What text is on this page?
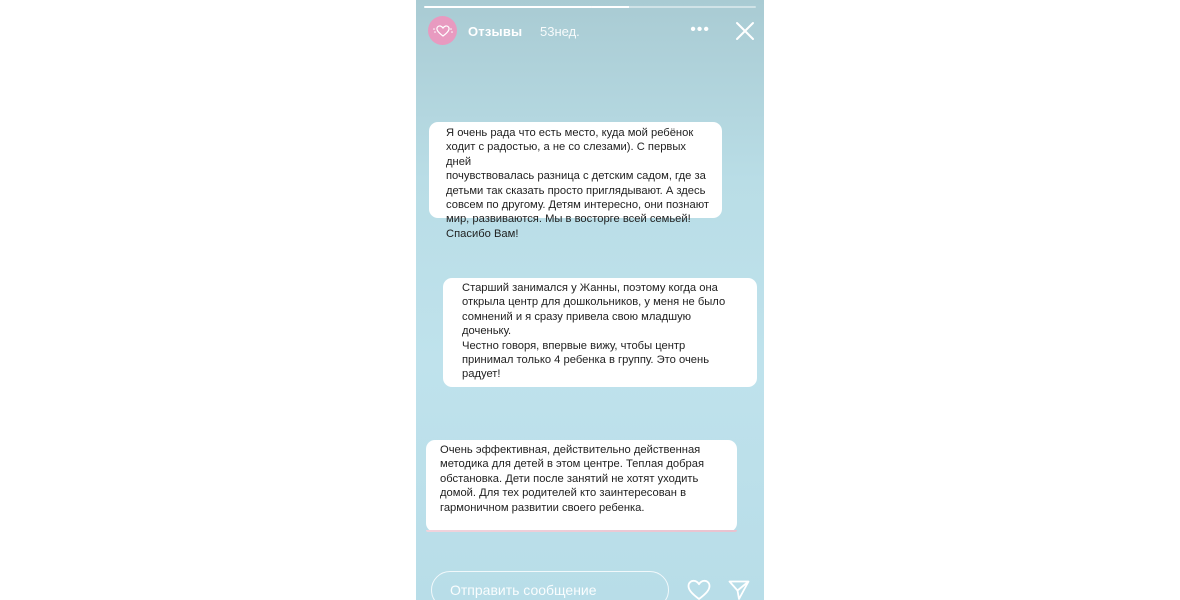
Отзывы 53нед.	•••
Я очень рада что есть место, куда мой ребёнок
ходит с радостью, а не со слезами). С первых дней
почувствовалась разница с детским садом, где за
детьми так сказать просто приглядывают. А здесь
совсем по другому. Детям интересно, они познают
мир, развиваются. Мы в восторге всей семьей!
Спасибо Вам!
Старший занимался у Жанны, поэтому когда она
открыла центр для дошкольников, у меня не было
сомнений и я сразу привела свою младшую
доченьку.
Честно говоря, впервые вижу, чтобы центр
принимал только 4 ребенка в группу. Это очень
радует!
Очень эффективная, действительно действенная
методика для детей в этом центре. Теплая добрая
обстановка. Дети после занятий не хотят уходить
домой. Для тех родителей кто заинтересован в
гармоничном развитии своего ребенка.
Отправить сообщение
